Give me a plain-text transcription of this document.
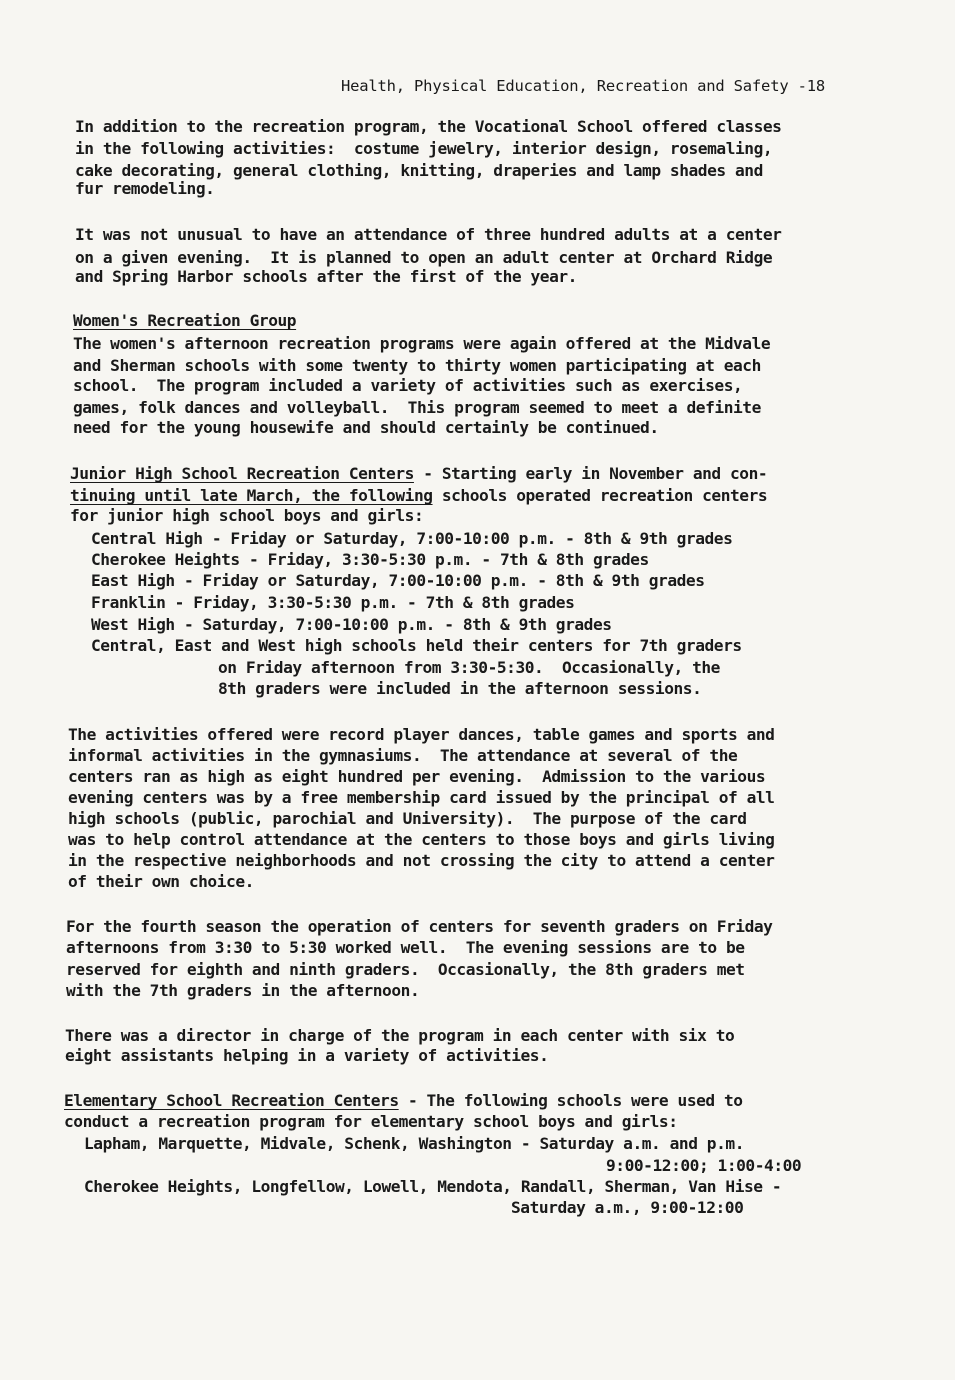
Health, Physical Education, Recreation and Safety -18
In addition to the recreation program, the Vocational School offered classes
in the following activities:  costume jewelry, interior design, rosemaling,
cake decorating, general clothing, knitting, draperies and lamp shades and
fur remodeling.
It was not unusual to have an attendance of three hundred adults at a center
on a given evening.  It is planned to open an adult center at Orchard Ridge
and Spring Harbor schools after the first of the year.
Women's Recreation Group
The women's afternoon recreation programs were again offered at the Midvale
and Sherman schools with some twenty to thirty women participating at each
school.  The program included a variety of activities such as exercises,
games, folk dances and volleyball.  This program seemed to meet a definite
need for the young housewife and should certainly be continued.
Junior High School Recreation Centers - Starting early in November and con-
tinuing until late March, the following schools operated recreation centers
for junior high school boys and girls:
Central High - Friday or Saturday, 7:00-10:00 p.m. - 8th & 9th grades
Cherokee Heights - Friday, 3:30-5:30 p.m. - 7th & 8th grades
East High - Friday or Saturday, 7:00-10:00 p.m. - 8th & 9th grades
Franklin - Friday, 3:30-5:30 p.m. - 7th & 8th grades
West High - Saturday, 7:00-10:00 p.m. - 8th & 9th grades
Central, East and West high schools held their centers for 7th graders
on Friday afternoon from 3:30-5:30.  Occasionally, the
8th graders were included in the afternoon sessions.
The activities offered were record player dances, table games and sports and
informal activities in the gymnasiums.  The attendance at several of the
centers ran as high as eight hundred per evening.  Admission to the various
evening centers was by a free membership card issued by the principal of all
high schools (public, parochial and University).  The purpose of the card
was to help control attendance at the centers to those boys and girls living
in the respective neighborhoods and not crossing the city to attend a center
of their own choice.
For the fourth season the operation of centers for seventh graders on Friday
afternoons from 3:30 to 5:30 worked well.  The evening sessions are to be
reserved for eighth and ninth graders.  Occasionally, the 8th graders met
with the 7th graders in the afternoon.
There was a director in charge of the program in each center with six to
eight assistants helping in a variety of activities.
Elementary School Recreation Centers - The following schools were used to
conduct a recreation program for elementary school boys and girls:
Lapham, Marquette, Midvale, Schenk, Washington - Saturday a.m. and p.m.
9:00-12:00; 1:00-4:00
Cherokee Heights, Longfellow, Lowell, Mendota, Randall, Sherman, Van Hise -
Saturday a.m., 9:00-12:00
